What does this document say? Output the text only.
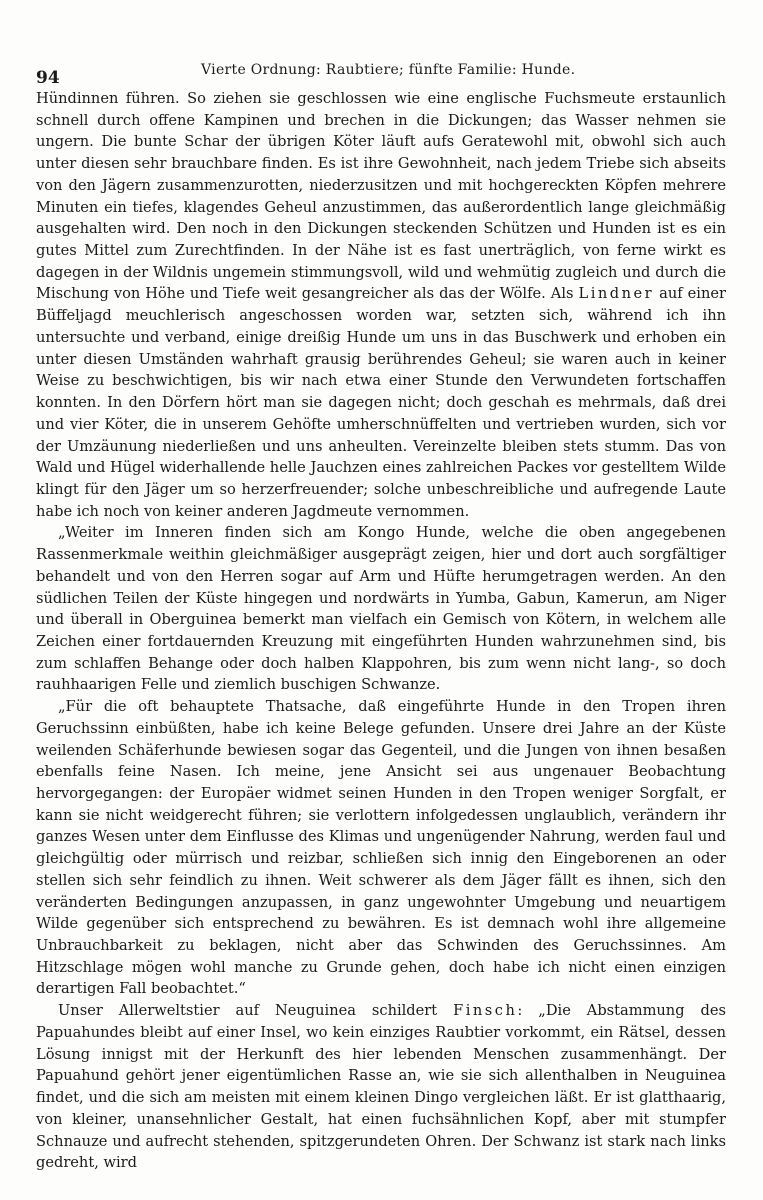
94	Vierte Ordnung: Raubtiere; fünfte Familie: Hunde.

Hündinnen führen. So ziehen sie geschlossen wie eine englische Fuchsmeute erstaunlich schnell durch offene Kampinen und brechen in die Dickungen; das Wasser nehmen sie ungern. Die bunte Schar der übrigen Köter läuft aufs Geratewohl mit, obwohl sich auch unter diesen sehr brauchbare finden. Es ist ihre Gewohnheit, nach jedem Triebe sich abseits von den Jägern zusammenzurotten, niederzusitzen und mit hochgereckten Köpfen mehrere Minuten ein tiefes, klagendes Geheul anzustimmen, das außerordentlich lange gleichmäßig ausgehalten wird. Den noch in den Dickungen steckenden Schützen und Hunden ist es ein gutes Mittel zum Zurechtfinden. In der Nähe ist es fast unerträglich, von ferne wirkt es dagegen in der Wildnis ungemein stimmungsvoll, wild und wehmütig zugleich und durch die Mischung von Höhe und Tiefe weit gesangreicher als das der Wölfe. Als Lindner auf einer Büffeljagd meuchlerisch angeschossen worden war, setzten sich, während ich ihn untersuchte und verband, einige dreißig Hunde um uns in das Buschwerk und erhoben ein unter diesen Umständen wahrhaft grausig berührendes Geheul; sie waren auch in keiner Weise zu beschwichtigen, bis wir nach etwa einer Stunde den Verwundeten fortschaffen konnten. In den Dörfern hört man sie dagegen nicht; doch geschah es mehrmals, daß drei und vier Köter, die in unserem Gehöfte umherschnüffelten und vertrieben wurden, sich vor der Umzäunung niederließen und uns anheulten. Vereinzelte bleiben stets stumm. Das von Wald und Hügel widerhallende helle Jauchzen eines zahlreichen Packes vor gestelltem Wilde klingt für den Jäger um so herzerfreuender; solche unbeschreibliche und aufregende Laute habe ich noch von keiner anderen Jagdmeute vernommen.

„Weiter im Inneren finden sich am Kongo Hunde, welche die oben angegebenen Rassenmerkmale weithin gleichmäßiger ausgeprägt zeigen, hier und dort auch sorgfältiger behandelt und von den Herren sogar auf Arm und Hüfte herumgetragen werden. An den südlichen Teilen der Küste hingegen und nordwärts in Yumba, Gabun, Kamerun, am Niger und überall in Oberguinea bemerkt man vielfach ein Gemisch von Kötern, in welchem alle Zeichen einer fortdauernden Kreuzung mit eingeführten Hunden wahrzunehmen sind, bis zum schlaffen Behange oder doch halben Klappohren, bis zum wenn nicht lang-, so doch rauhhaarigen Felle und ziemlich buschigen Schwanze.

„Für die oft behauptete Thatsache, daß eingeführte Hunde in den Tropen ihren Geruchssinn einbüßten, habe ich keine Belege gefunden. Unsere drei Jahre an der Küste weilenden Schäferhunde bewiesen sogar das Gegenteil, und die Jungen von ihnen besaßen ebenfalls feine Nasen. Ich meine, jene Ansicht sei aus ungenauer Beobachtung hervorgegangen: der Europäer widmet seinen Hunden in den Tropen weniger Sorgfalt, er kann sie nicht weidgerecht führen; sie verlottern infolgedessen unglaublich, verändern ihr ganzes Wesen unter dem Einflusse des Klimas und ungenügender Nahrung, werden faul und gleichgültig oder mürrisch und reizbar, schließen sich innig den Eingeborenen an oder stellen sich sehr feindlich zu ihnen. Weit schwerer als dem Jäger fällt es ihnen, sich den veränderten Bedingungen anzupassen, in ganz ungewohnter Umgebung und neuartigem Wilde gegenüber sich entsprechend zu bewähren. Es ist demnach wohl ihre allgemeine Unbrauchbarkeit zu beklagen, nicht aber das Schwinden des Geruchssinnes. Am Hitzschlage mögen wohl manche zu Grunde gehen, doch habe ich nicht einen einzigen derartigen Fall beobachtet.“

Unser Allerweltstier auf Neuguinea schildert Finsch: „Die Abstammung des Papuahundes bleibt auf einer Insel, wo kein einziges Raubtier vorkommt, ein Rätsel, dessen Lösung innigst mit der Herkunft des hier lebenden Menschen zusammenhängt. Der Papuahund gehört jener eigentümlichen Rasse an, wie sie sich allenthalben in Neuguinea findet, und die sich am meisten mit einem kleinen Dingo vergleichen läßt. Er ist glatthaarig, von kleiner, unansehnlicher Gestalt, hat einen fuchsähnlichen Kopf, aber mit stumpfer Schnauze und aufrecht stehenden, spitzgerundeten Ohren. Der Schwanz ist stark nach links gedreht, wird
